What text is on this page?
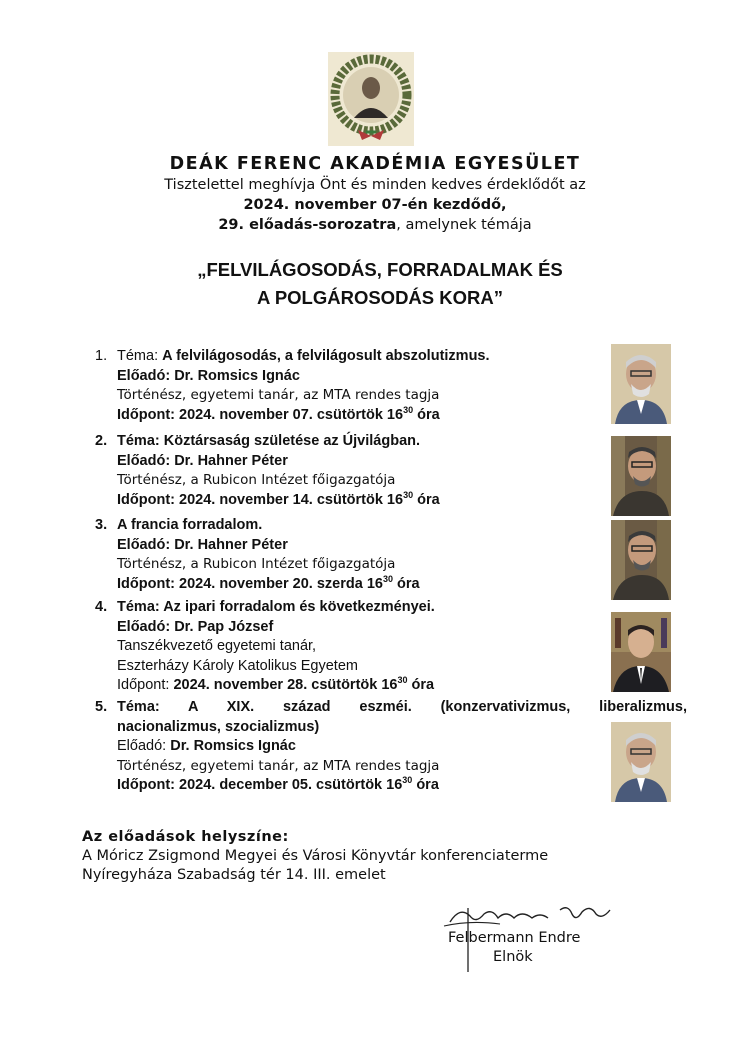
DEÁK FERENC AKADÉMIA EGYESÜLET
Tisztelettel meghívja Önt és minden kedves érdeklődőt az
2024. november 07-én kezdődő,
29. előadás-sorozatra, amelynek témája
„FELVILÁGOSODÁS, FORRADALMAK ÉS
A POLGÁROSODÁS KORA”
1. Téma: A felvilágosodás, a felvilágosult abszolutizmus.
Előadó: Dr. Romsics Ignác
Történész, egyetemi tanár, az MTA rendes tagja
Időpont: 2024. november 07. csütörtök $16^{30}$ óra
2. Téma: Köztársaság születése az Újvilágban.
Előadó: Dr. Hahner Péter
Történész, a Rubicon Intézet főigazgatója
Időpont: 2024. november 14. csütörtök $16^{30}$ óra
3. A francia forradalom.
Előadó: Dr. Hahner Péter
Történész, a Rubicon Intézet főigazgatója
Időpont: 2024. november 20. szerda $16^{30}$ óra
4. Téma: Az ipari forradalom és következményei.
Előadó: Dr. Pap József
Tanszékvezető egyetemi tanár,
Eszterházy Károly Katolikus Egyetem
Időpont: 2024. november 28. csütörtök $16^{30}$ óra
5. Téma: A XIX. század eszméi. (konzervativizmus, liberalizmus,
nacionalizmus, szocializmus)
Előadó: Dr. Romsics Ignác
Történész, egyetemi tanár, az MTA rendes tagja
Időpont: 2024. december 05. csütörtök $16^{30}$ óra
Az előadások helyszíne:
A Móricz Zsigmond Megyei és Városi Könyvtár konferenciaterme
Nyíregyháza Szabadság tér 14. III. emelet
Felbermann Endre
Elnök
